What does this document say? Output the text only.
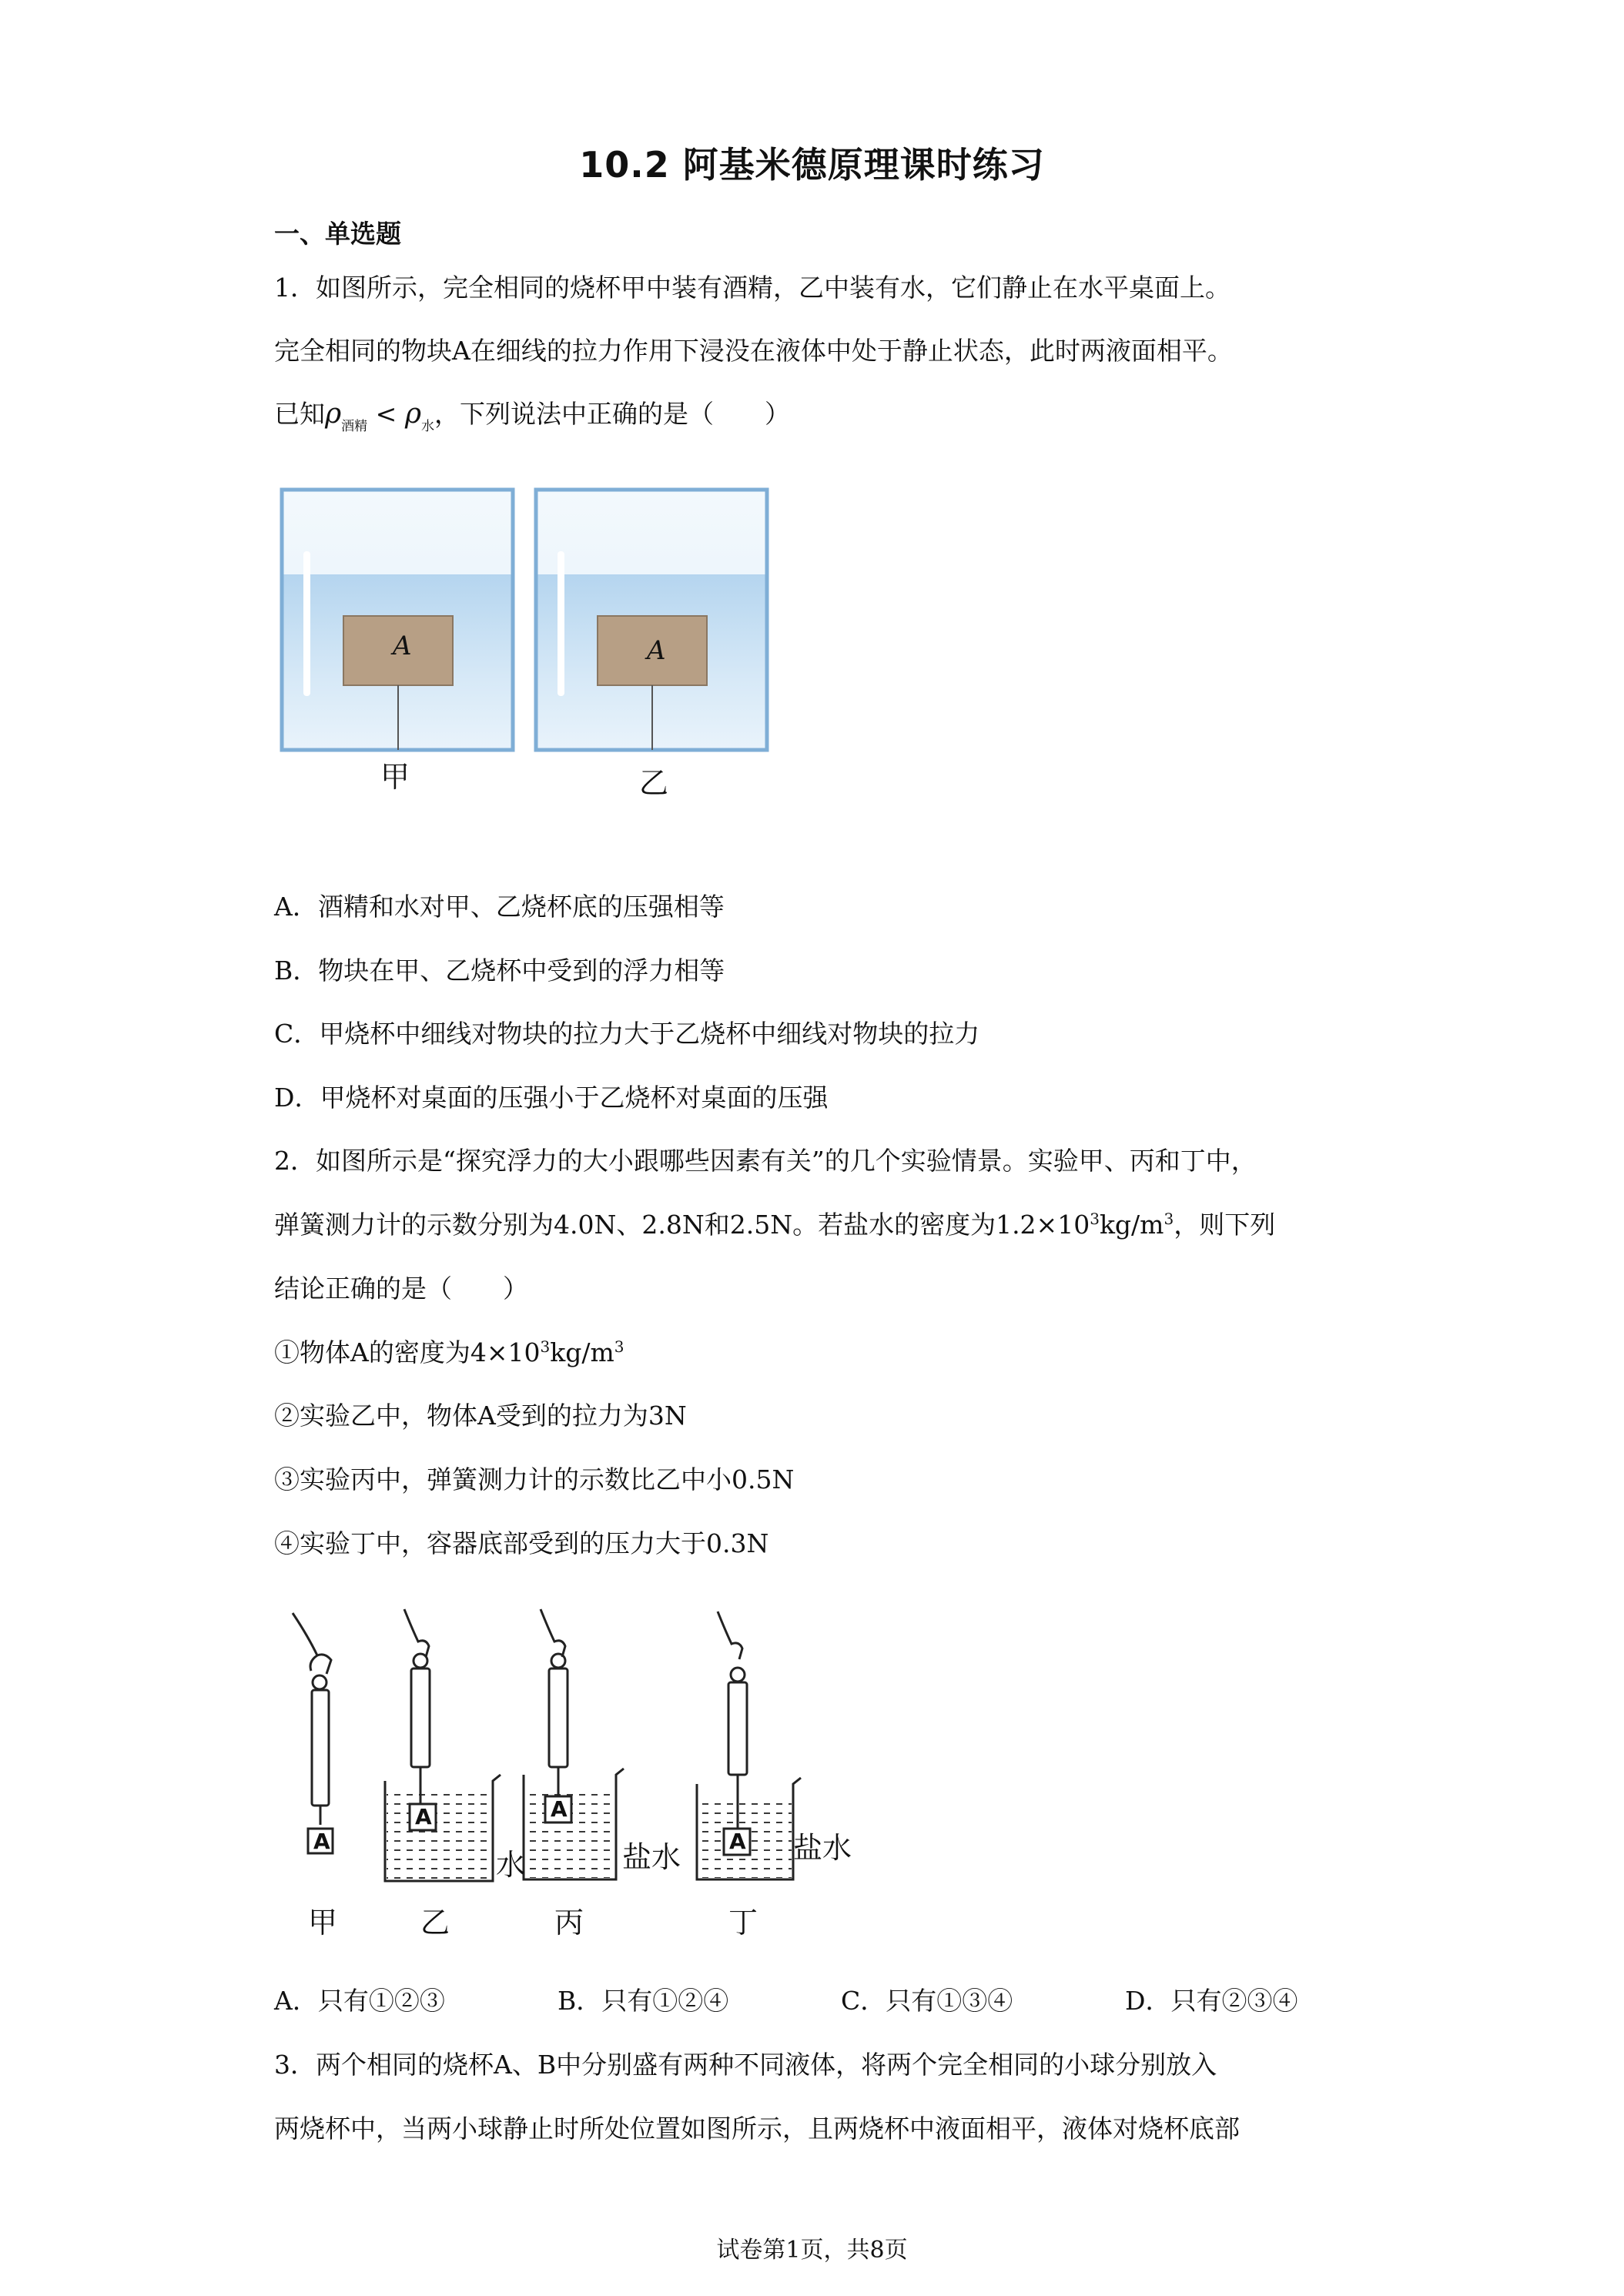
10.2 阿基米德原理课时练习
一、单选题
1．如图所示，完全相同的烧杯甲中装有酒精，乙中装有水，它们静止在水平桌面上。
完全相同的物块A在细线的拉力作用下浸没在液体中处于静止状态，此时两液面相平。
已知$\rho_{酒精} < \rho_水$，下列说法中正确的是（　　）
A	A
甲	乙
A．酒精和水对甲、乙烧杯底的压强相等
B．物块在甲、乙烧杯中受到的浮力相等
C．甲烧杯中细线对物块的拉力大于乙烧杯中细线对物块的拉力
D．甲烧杯对桌面的压强小于乙烧杯对桌面的压强
2．如图所示是“探究浮力的大小跟哪些因素有关”的几个实验情景。实验甲、丙和丁中，
弹簧测力计的示数分别为4.0N、2.8N和2.5N。若盐水的密度为$1.2\times 10^3kg/m^3$，则下列
结论正确的是（　　）
①物体A的密度为$4\times 10^3kg/m^3$
②实验乙中，物体A受到的拉力为3N
③实验丙中，弹簧测力计的示数比乙中小0.5N
④实验丁中，容器底部受到的压力大于0.3N
A
A	A
A
水	盐水	盐水
甲	乙	丙	丁
A．只有①②③	B．只有①②④	C．只有①③④	D．只有②③④
3．两个相同的烧杯A、B中分别盛有两种不同液体，将两个完全相同的小球分别放入
两烧杯中，当两小球静止时所处位置如图所示，且两烧杯中液面相平，液体对烧杯底部
试卷第1页，共8页
